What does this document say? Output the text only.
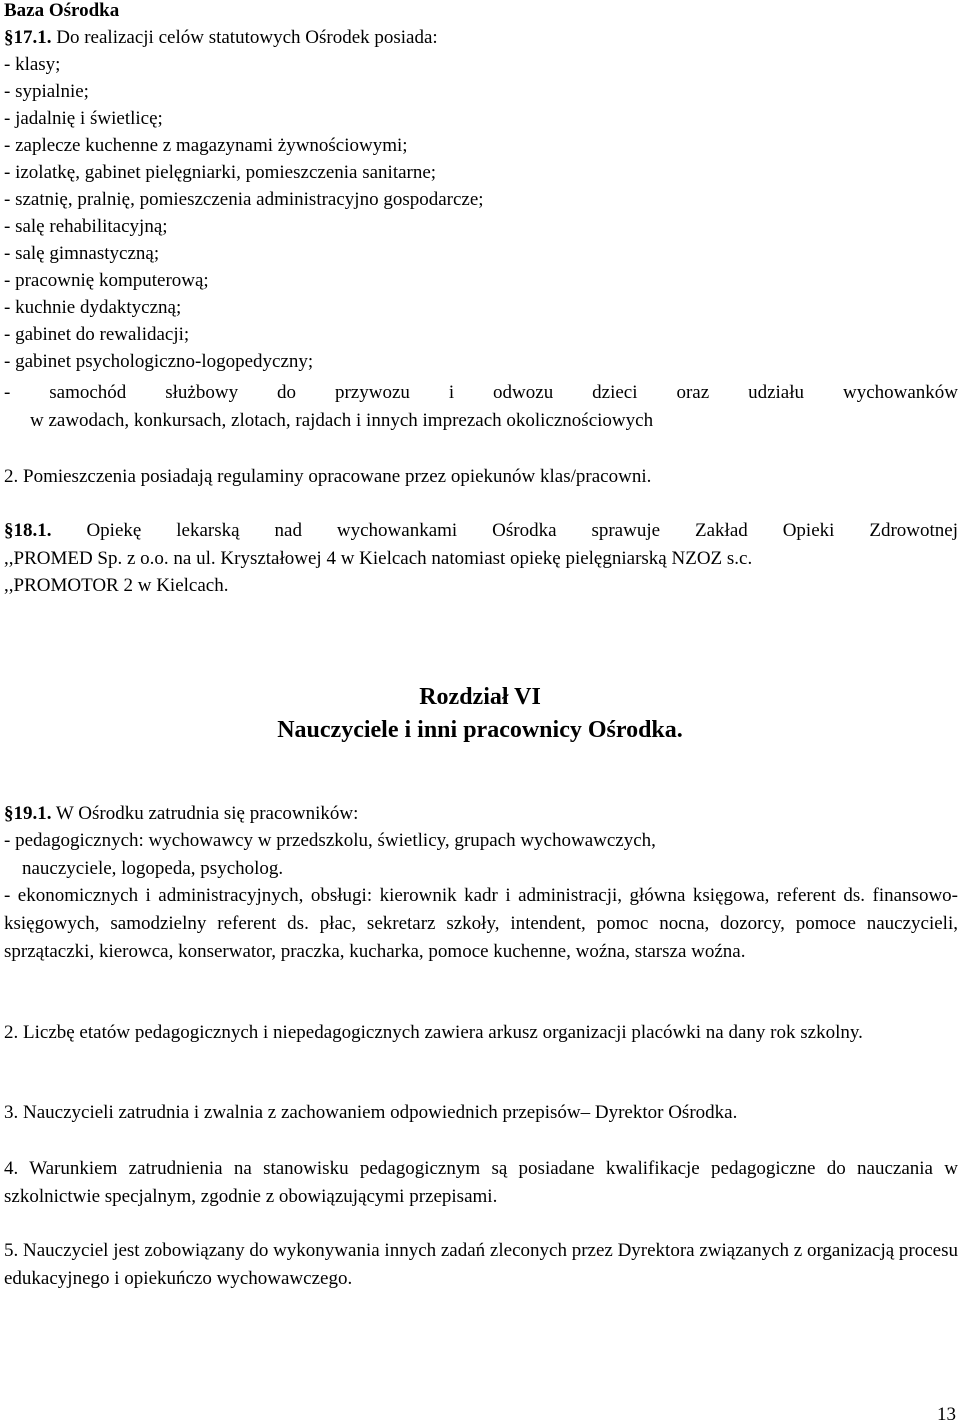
Baza Ośrodka
§17.1. Do realizacji celów statutowych Ośrodek posiada:
- klasy;
- sypialnie;
- jadalnię i świetlicę;
- zaplecze kuchenne z magazynami żywnościowymi;
- izolatkę, gabinet pielęgniarki, pomieszczenia sanitarne;
- szatnię, pralnię, pomieszczenia administracyjno gospodarcze;
- salę rehabilitacyjną;
- salę gimnastyczną;
- pracownię komputerową;
- kuchnie dydaktyczną;
- gabinet do rewalidacji;
- gabinet psychologiczno-logopedyczny;
- samochód służbowy do przywozu i odwozu dzieci oraz udziału wychowanków
w zawodach, konkursach, zlotach, rajdach i innych imprezach okolicznościowych
2. Pomieszczenia posiadają regulaminy opracowane przez opiekunów klas/pracowni.
§18.1. Opiekę lekarską nad wychowankami Ośrodka sprawuje Zakład Opieki Zdrowotnej
,,PROMED Sp. z o.o. na ul. Kryształowej 4 w Kielcach natomiast opiekę pielęgniarską NZOZ s.c.
,,PROMOTOR 2 w Kielcach.
Rozdział VI
Nauczyciele i inni pracownicy Ośrodka.
§19.1. W Ośrodku zatrudnia się pracowników:
- pedagogicznych: wychowawcy w przedszkolu, świetlicy, grupach wychowawczych,
nauczyciele, logopeda, psycholog.
- ekonomicznych i administracyjnych, obsługi: kierownik kadr i administracji, główna księgowa, referent ds. finansowo-księgowych, samodzielny referent ds. płac, sekretarz szkoły, intendent, pomoc nocna, dozorcy, pomoce nauczycieli, sprzątaczki, kierowca, konserwator, praczka, kucharka, pomoce kuchenne, woźna, starsza woźna.
2. Liczbę etatów pedagogicznych i niepedagogicznych zawiera arkusz organizacji placówki na dany rok szkolny.
3. Nauczycieli zatrudnia i zwalnia z zachowaniem odpowiednich przepisów– Dyrektor Ośrodka.
4. Warunkiem zatrudnienia na stanowisku pedagogicznym są posiadane kwalifikacje pedagogiczne do nauczania w szkolnictwie specjalnym, zgodnie z obowiązującymi przepisami.
5. Nauczyciel jest zobowiązany do wykonywania innych zadań zleconych przez Dyrektora związanych z organizacją procesu edukacyjnego i opiekuńczo wychowawczego.
13
